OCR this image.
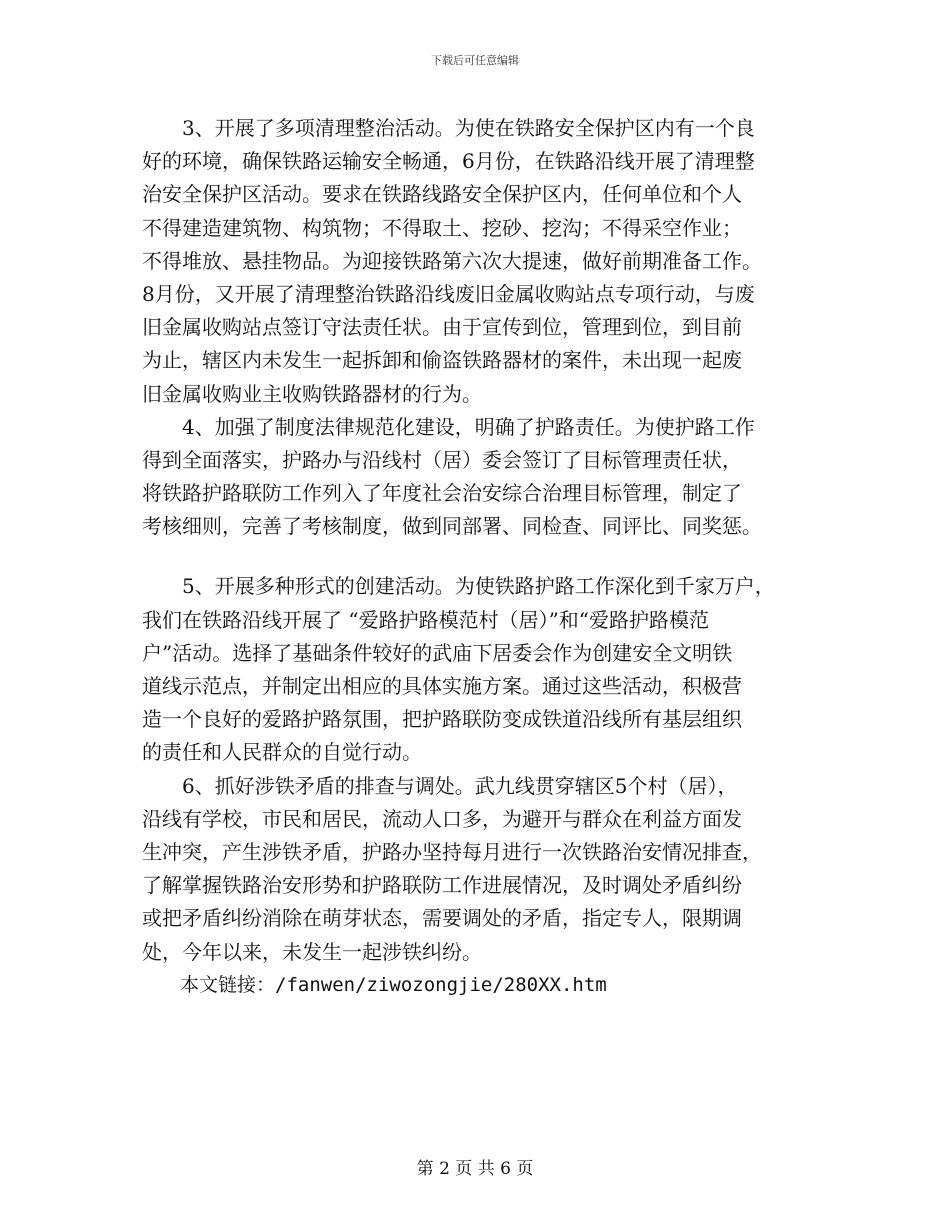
下载后可任意编辑
　　3、开展了多项清理整治活动。为使在铁路安全保护区内有一个良
好的环境，确保铁路运输安全畅通，6月份，在铁路沿线开展了清理整
治安全保护区活动。要求在铁路线路安全保护区内，任何单位和个人
不得建造建筑物、构筑物；不得取土、挖砂、挖沟；不得采空作业；
不得堆放、悬挂物品。为迎接铁路第六次大提速，做好前期准备工作。
8月份，又开展了清理整治铁路沿线废旧金属收购站点专项行动，与废
旧金属收购站点签订守法责任状。由于宣传到位，管理到位，到目前
为止，辖区内未发生一起拆卸和偷盗铁路器材的案件，未出现一起废
旧金属收购业主收购铁路器材的行为。
　　4、加强了制度法律规范化建设，明确了护路责任。为使护路工作
得到全面落实，护路办与沿线村（居）委会签订了目标管理责任状，
将铁路护路联防工作列入了年度社会治安综合治理目标管理，制定了
考核细则，完善了考核制度，做到同部署、同检查、同评比、同奖惩。
　　5、开展多种形式的创建活动。为使铁路护路工作深化到千家万户，
我们在铁路沿线开展了 “爱路护路模范村（居）”和“爱路护路模范
户”活动。选择了基础条件较好的武庙下居委会作为创建安全文明铁
道线示范点，并制定出相应的具体实施方案。通过这些活动，积极营
造一个良好的爱路护路氛围，把护路联防变成铁道沿线所有基层组织
的责任和人民群众的自觉行动。
　　6、抓好涉铁矛盾的排查与调处。武九线贯穿辖区5个村（居），
沿线有学校，市民和居民，流动人口多，为避开与群众在利益方面发
生冲突，产生涉铁矛盾，护路办坚持每月进行一次铁路治安情况排查，
了解掌握铁路治安形势和护路联防工作进展情况，及时调处矛盾纠纷
或把矛盾纠纷消除在萌芽状态，需要调处的矛盾，指定专人，限期调
处，今年以来，未发生一起涉铁纠纷。
　　本文链接：/fanwen/ziwozongjie/280XX.htm
第 2 页 共 6 页
